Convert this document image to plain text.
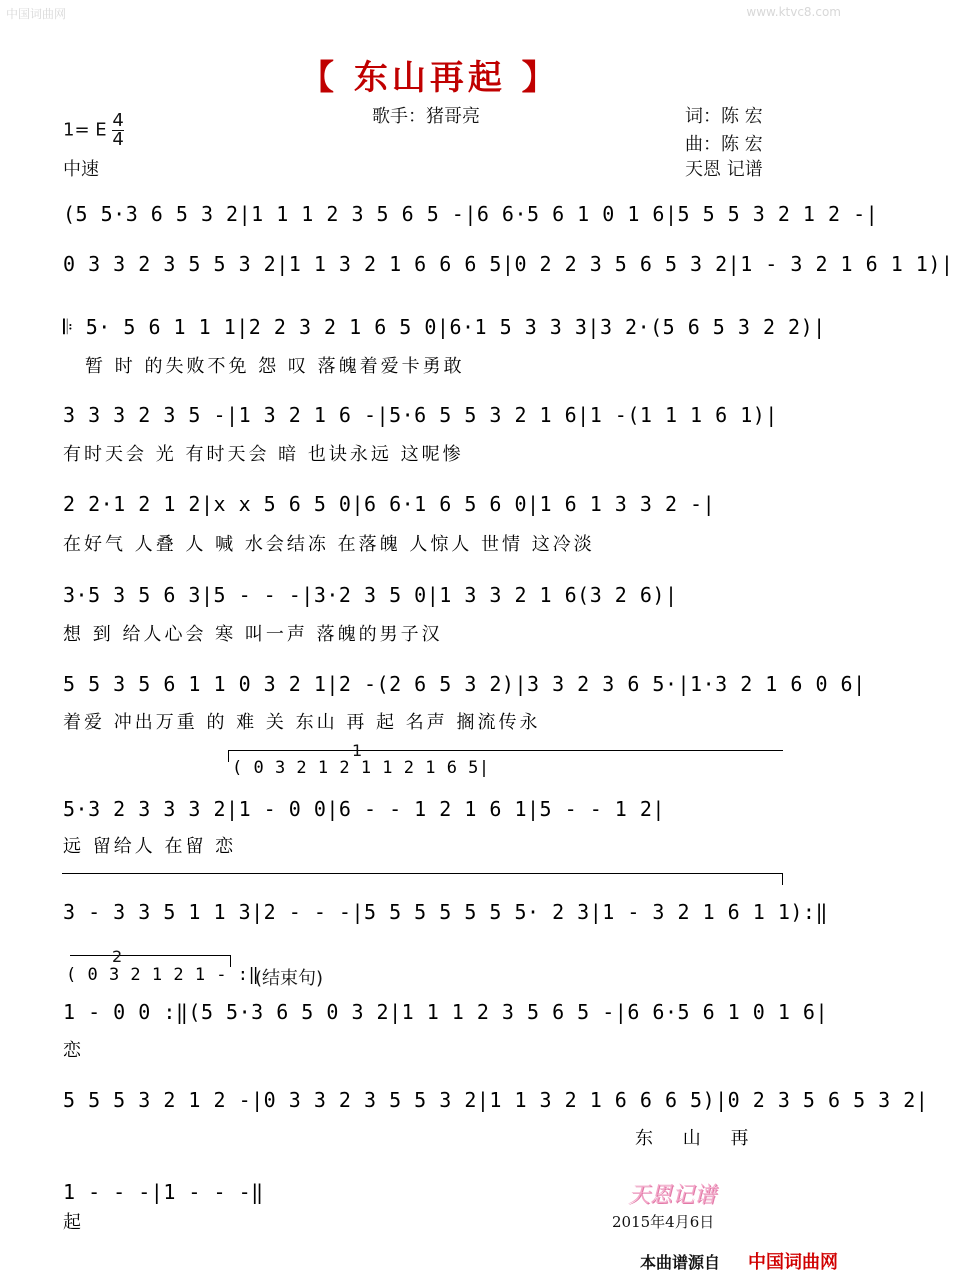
中国词曲网	www.ktvc8.com
【 东山再起 】
1= E $\frac{4}{4}$	歌手：猪哥亮	词：陈 宏
曲：陈 宏
中速	天恩 记谱
(5 5·3 6 5 3 2|1 1 1 2 3 5 6 5 -|6 6·5 6 1 0 1 6|5 5 5 3 2 1 2 -|
0 3 3 2 3 5 5 3 2|1 1 3 2 1 6 6 6 5|0 2 2 3 5 6 5 3 2|1 - 3 2 1 6 1 1)|
𝄆 5· 5 6 1 1 1|2 2 3 2 1 6 5 0|6·1 5 3 3 3|3 2·(5 6 5 3 2 2)|
暂 时 的失败不免 怨 叹 落魄着爱卡勇敢
3 3 3 2 3 5 -|1 3 2 1 6 -|5·6 5 5 3 2 1 6|1 -(1 1 1 6 1)|
有时天会 光 有时天会 暗 也诀永远 这呢惨
2 2·1 2 1 2|x x 5 6 5 0|6 6·1 6 5 6 0|1 6 1 3 3 2 -|
在好气 人叠 人 喊 水会结冻 在落魄 人惊人 世情 这冷淡
3·5 3 5 6 3|5 - - -|3·2 3 5 0|1 3 3 2 1 6(3 2 6)|
想 到 给人心会 寒 叫一声 落魄的男子汉
5 5 3 5 6 1 1 0 3 2 1|2 -(2 6 5 3 2)|3 3 2 3 6 5·|1·3 2 1 6 0 6|
着爱 冲出万重 的 难 关 东山 再 起 名声 搁流传永
1
( 0 3 2 1 2 1 1 2 1 6 5|
5·3 2 3 3 3 2|1 - 0 0|6 - - 1 2 1 6 1|5 - - 1 2|
远 留给人 在留 恋
3 - 3 3 5 1 1 3|2 - - -|5 5 5 5 5 5 5· 2 3|1 - 3 2 1 6 1 1):‖
2
( 0 3 2 1 2 1 - :‖
(结束句)
1 - 0 0 :‖(5 5·3 6 5 0 3 2|1 1 1 2 3 5 6 5 -|6 6·5 6 1 0 1 6|
恋
5 5 5 3 2 1 2 -|0 3 3 2 3 5 5 3 2|1 1 3 2 1 6 6 6 5)|0 2 3 5 6 5 3 2|
东 山 再
1 - - -|1 - - -‖
起
天恩记谱
2015年4月6日
本曲谱源自 中国词曲网
